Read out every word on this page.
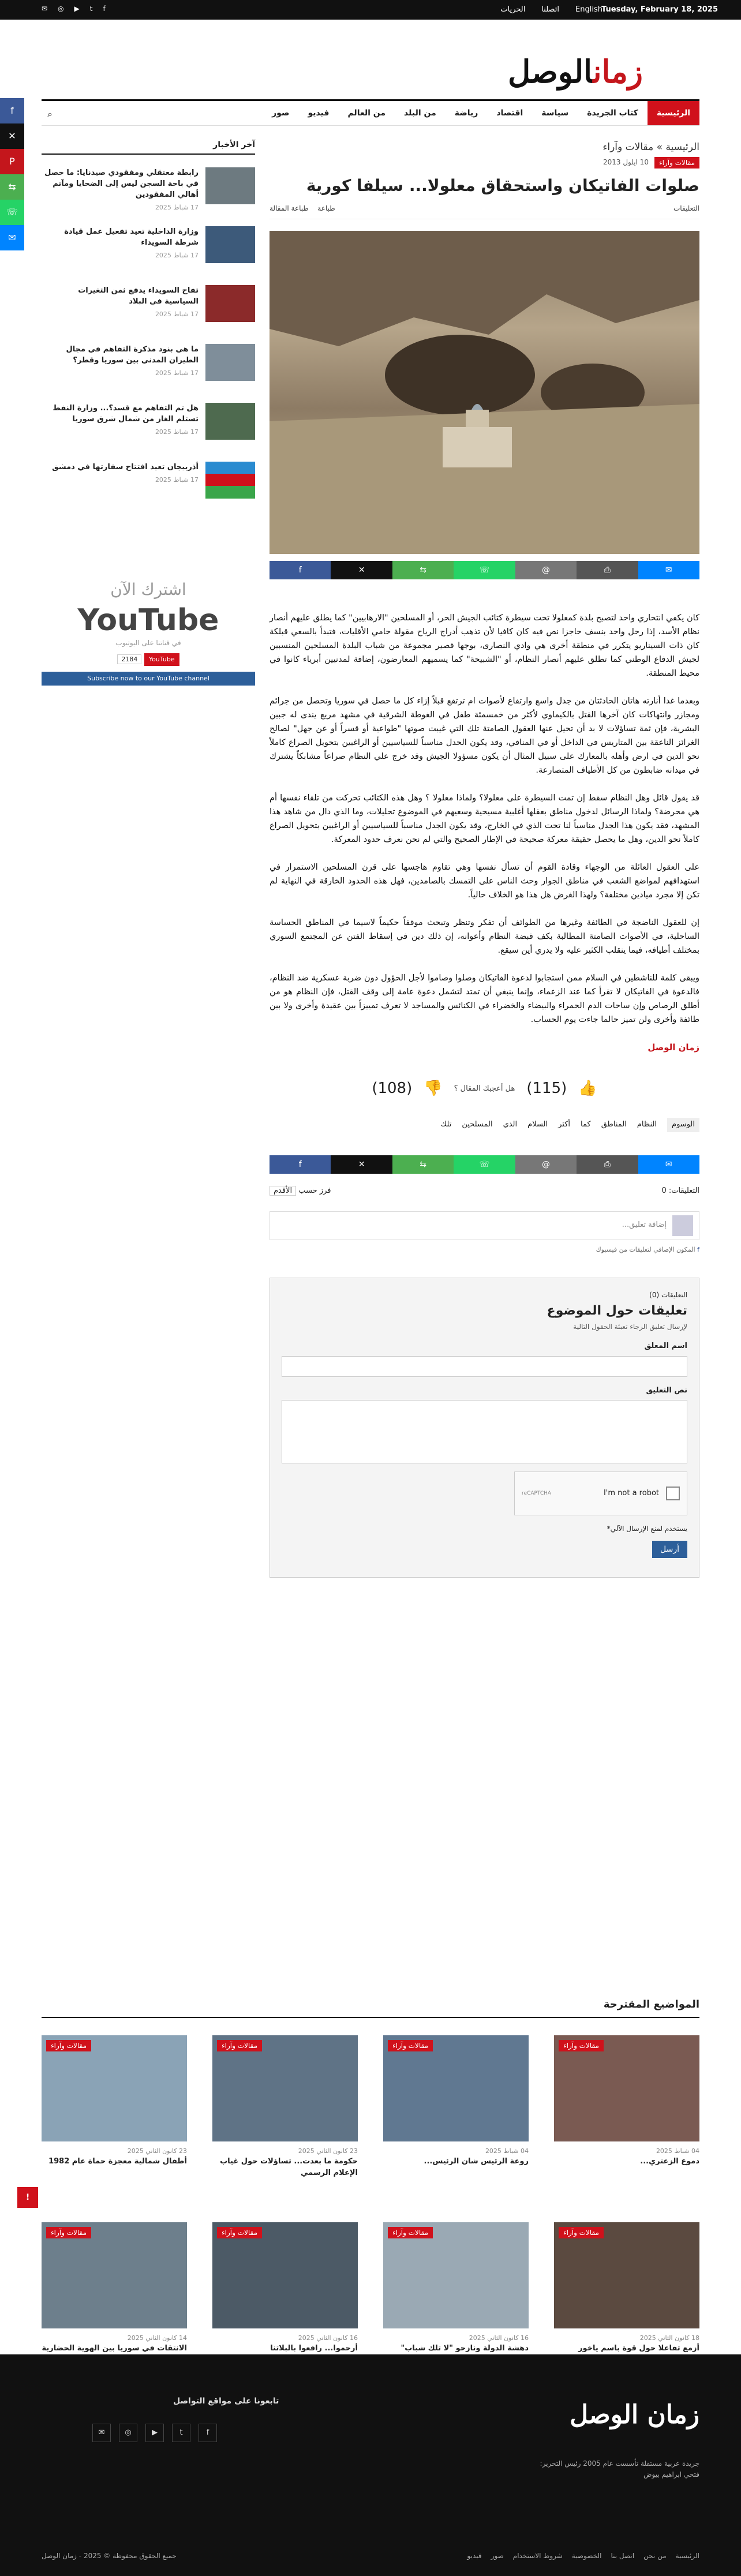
Tuesday, February 18, 2025
English
اتصلنا
الحريات
f
t
▶
◎
✉
زمانالوصل
الرئيسية
كتاب الجريدة
سياسة
اقتصاد
رياضة
من البلد
من العالم
فيديو
صور
⌕
f
✕
P
⇆
☏
✉
الرئيسية » مقالات وآراء
مقالات وآراء
10 ايلول 2013
صلوات الفاتيكان واستحقاق معلولا... سيلفا كورية
التعليقات
طباعة    طباعة المقالة
✉
⎙
@
☏
⇆
✕
f

كان يكفي انتحاري واحد لتصبح بلدة كمعلولا تحت سيطرة كتائب الجيش الحر، أو المسلحين "الارهابيين" كما يطلق عليهم أنصار نظام الأسد، إذا رحل واحد بنسف حاجزا نص فيه كان كافيا لأن تذهب أدراج الرياح مقولة حامي الأقليات، فتبدأ بالسعي قبلكة كان ذات السيناريو يتكرر في منطقة أخرى هي وادي النصارى، بوجها قصير مجموعة من شباب البلدة المسلحين المنسبين لجيش الدفاع الوطني كما تطلق عليهم أنصار النظام، أو "الشبيحة" كما يسميهم المعارضون، إضافة لمدنيين أبرياء كانوا في محيط المنطقة.

وبعدما غدا أنارته هاتان الحادثتان من جدل واسع وارتفاع لأصوات ام ترتفع قبلاً إزاء كل ما حصل في سوريا وتحصل من جرائم ومجازر وانتهاكات كان آخرها القتل بالكيماوي لأكثر من خمسمئة طفل في الغوطة الشرقية في مشهد مريع يندى له جبين البشرية، فإن ثمة تساؤلات لا بد أن تحيل عنها العقول الصامتة تلك التي غيبت صوتها "طواعية أو قسراً أو عن جهل" لصالح الغرائز الناعقة بين المتاريس في الداخل أو في المنافي، وقد يكون الحدل مناسباً للسياسيين أو الراغبين بتحويل الصراع كاملاً نحو الدين في ارض وأهله بالمعارك على سبيل المثال أن يكون مسؤولا الجيش وقد خرج علي النظام صراعاً مشابكاً يشترك في ميدانه ضابطون من كل الأطياف المتصارعة.

قد يقول قائل وهل النظام سقط إن تمت السيطرة على معلولا؟ ولماذا معلولا ؟ وهل هذه الكتائب تحركت من تلقاء نفسها أم هي محرضة؟ ولماذا الرسائل لدخول مناطق بعقلها أغلبية مسيحية وسعيهم في الموضوع تحليلات، وما الذي دال من شاهد هذا المشهد، فقد يكون هذا الجدل مناسباً لنا تحت الذي في الخارج، وقد يكون الجدل مناسباً للسياسيين أو الراغبين بتحويل الصراع كاملاً نحو الدين، وهل ما يحصل حقيقة معركة صحيحة في الإطار الصحيح والتي لم نحن نعرف حدود المعركة.

على العقول العائلة من الوجهاء وقادة القوم أن تسأل نفسها وهي تقاوم هاجسها على قرن المسلحين الاستمرار في استهدافهم لمواضع الشعب في مناطق الجوار وحث الناس على التمسك بالصامدين، فهل هذه الحدود الخارقة في النهاية لم تكن إلا مجرد ميادين مختلفة؟ ولهذا الغرض هل هذا هو الخلاف حالياً.

إن للعقول الناضجة في الطائفة وغيرها من الطوائف أن تفكر وتنظر وتبحث موقفاً حكيماً لاسيما في المناطق الحساسة الساحلية، في الأصوات الصامتة المطالبة بكف قبضة النظام وأعوانه، إن ذلك دين في إسقاط الفتن عن المجتمع السوري بمختلف أطيافه، فيما ينقلب الكثير عليه ولا يدري أين سيقع.

ويبقى كلمة للناشطين في السلام ممن استجابوا لدعوة الفاتيكان وصلوا وصاموا لأجل الحؤول دون ضربة عسكرية ضد النظام، فالدعوة في الفاتيكان لا تقرأ كما عند الزعماء، وإنما ينبغي أن تمتد لتشمل دعوة عامة إلى وقف القتل، فإن النظام هو من أطلق الرصاص وإن ساحات الدم الحمراء والبيضاء والخضراء في الكنائس والمساجد لا تعرف تمييزاً بين عقيدة وأخرى ولا بين طائفة وأخرى ولن تميز حالما جاءت يوم الحساب.

زمان الوصل
👍
(115)
هل أعجبك المقال ؟
👎
(108)
الوسوم
النظام
المناطق
كما
أكثر
السلام
الذي
المسلحين
تلك
✉
⎙
@
☏
⇆
✕
f
التعليقات: 0
فرز حسب الأقدم
إضافة تعليق...
f المكون الإضافي لتعليقات من فيسبوك
التعليقات (0)
تعليقات حول الموضوع
لإرسال تعليق الرجاء تعبئة الحقول التالية
اسم المعلق
نص التعليق
I'm not a robot
reCAPTCHA
يستخدم لمنع الإرسال الآلي*
أرسل
آخر الأخبار
رابطة معتقلي ومفقودي صيدنايا: ما حصل في باحة السجن ليس إلى الضحايا ومآتم أهالي المفقودين
17 شباط 2025
وزارة الداخلية تعيد تفعيل عمل قيادة شرطة السويداء
17 شباط 2025
تفاح السويداء يدفع ثمن التغيرات السياسية في البلاد
17 شباط 2025
ما هي بنود مذكرة التفاهم في مجال الطيران المدني بين سوريا وقطر؟
17 شباط 2025
هل تم التفاهم مع قسد؟... وزارة النفط تستلم الغاز من شمال شرق سوريا
17 شباط 2025
أذربيجان تعيد افتتاح سفارتها في دمشق
17 شباط 2025
اشترك الآن
YouTube
في قناتنا على اليوتيوب
YouTube 2184
Subscribe now to our YouTube channel
المواضيع المقترحة
مقالات وآراء
04 شباط 2025
دموع الزعتري...
مقالات وآراء
04 شباط 2025
روعة الرئيس شان الرئيس...
مقالات وآراء
23 كانون الثاني 2025
حكومة ما بعدت... تساؤلات حول غياب الإعلام الرسمي
مقالات وآراء
23 كانون الثاني 2025
أطفال شمالية معجزة حماة عام 1982
مقالات وآراء
18 كانون الثاني 2025
أزمع تفاعلا حول قوة باسم ياخور
مقالات وآراء
16 كانون الثاني 2025
دهشة الدولة ونازحو "لا تلك شباب"
مقالات وآراء
16 كانون الثاني 2025
أرحموا... رافعوا بالبلاتنا
مقالات وآراء
14 كانون الثاني 2025
الانتقات في سوريا بين الهوية الحضارية
!
زمان الوصل
جريدة عربية مستقلة تأسست عام 2005 رئيس التحرير: فتحي ابراهيم بيوض
تابعونا على مواقع التواصل
f
t
▶
◎
✉
الرئيسية
من نحن
اتصل بنا
الخصوصية
شروط الاستخدام
صور
فيديو
جميع الحقوق محفوظة © 2025 - زمان الوصل
